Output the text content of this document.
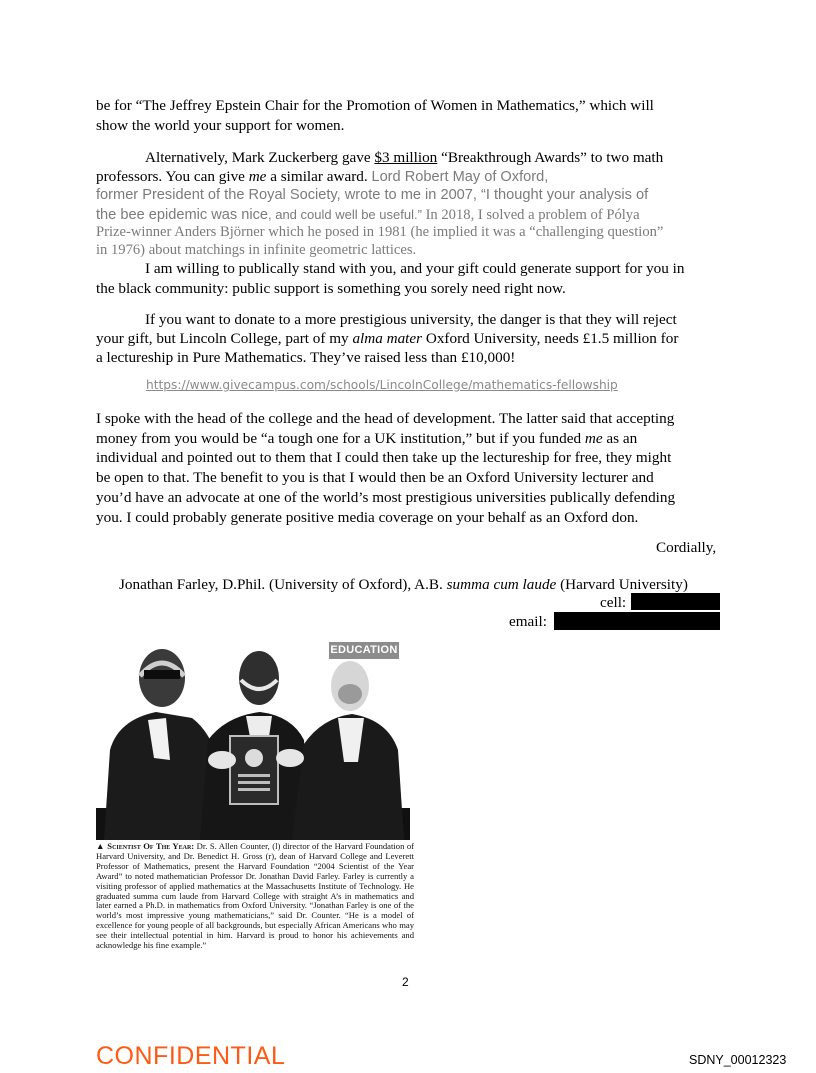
be for “The Jeffrey Epstein Chair for the Promotion of Women in Mathematics,” which will
show the world your support for women.
Alternatively, Mark Zuckerberg gave $3 million “Breakthrough Awards” to two math
professors. You can give me a similar award. Lord Robert May of Oxford,
former President of the Royal Society, wrote to me in 2007, “I thought your analysis of
the bee epidemic was nice, and could well be useful.” In 2018, I solved a problem of Pólya
Prize-winner Anders Björner which he posed in 1981 (he implied it was a “challenging question”
in 1976) about matchings in infinite geometric lattices.
I am willing to publically stand with you, and your gift could generate support for you in
the black community: public support is something you sorely need right now.
If you want to donate to a more prestigious university, the danger is that they will reject
your gift, but Lincoln College, part of my alma mater Oxford University, needs £1.5 million for
a lectureship in Pure Mathematics. They’ve raised less than £10,000!
https://www.givecampus.com/schools/LincolnCollege/mathematics-fellowship
I spoke with the head of the college and the head of development. The latter said that accepting
money from you would be “a tough one for a UK institution,” but if you funded me as an
individual and pointed out to them that I could then take up the lectureship for free, they might
be open to that. The benefit to you is that I would then be an Oxford University lecturer and
you’d have an advocate at one of the world’s most prestigious universities publically defending
you. I could probably generate positive media coverage on your behalf as an Oxford don.
Cordially,
Jonathan Farley, D.Phil. (University of Oxford), A.B. summa cum laude (Harvard University)
cell:
email:
EDUCATION
▲ Scientist Of The Year: Dr. S. Allen Counter, (l) director of the Harvard Foundation of Harvard University, and Dr. Benedict H. Gross (r), dean of Harvard College and Leverett Professor of Mathematics, present the Harvard Foundation “2004 Scientist of the Year Award” to noted mathematician Professor Dr. Jonathan David Farley. Farley is currently a visiting professor of applied mathematics at the Massachusetts Institute of Technology. He graduated summa cum laude from Harvard College with straight A’s in mathematics and later earned a Ph.D. in mathematics from Oxford University. “Jonathan Farley is one of the world’s most impressive young mathematicians,” said Dr. Counter. “He is a model of excellence for young people of all backgrounds, but especially African Americans who may see their intellectual potential in him. Harvard is proud to honor his achievements and acknowledge his fine example.”
2
CONFIDENTIAL	SDNY_00012323
